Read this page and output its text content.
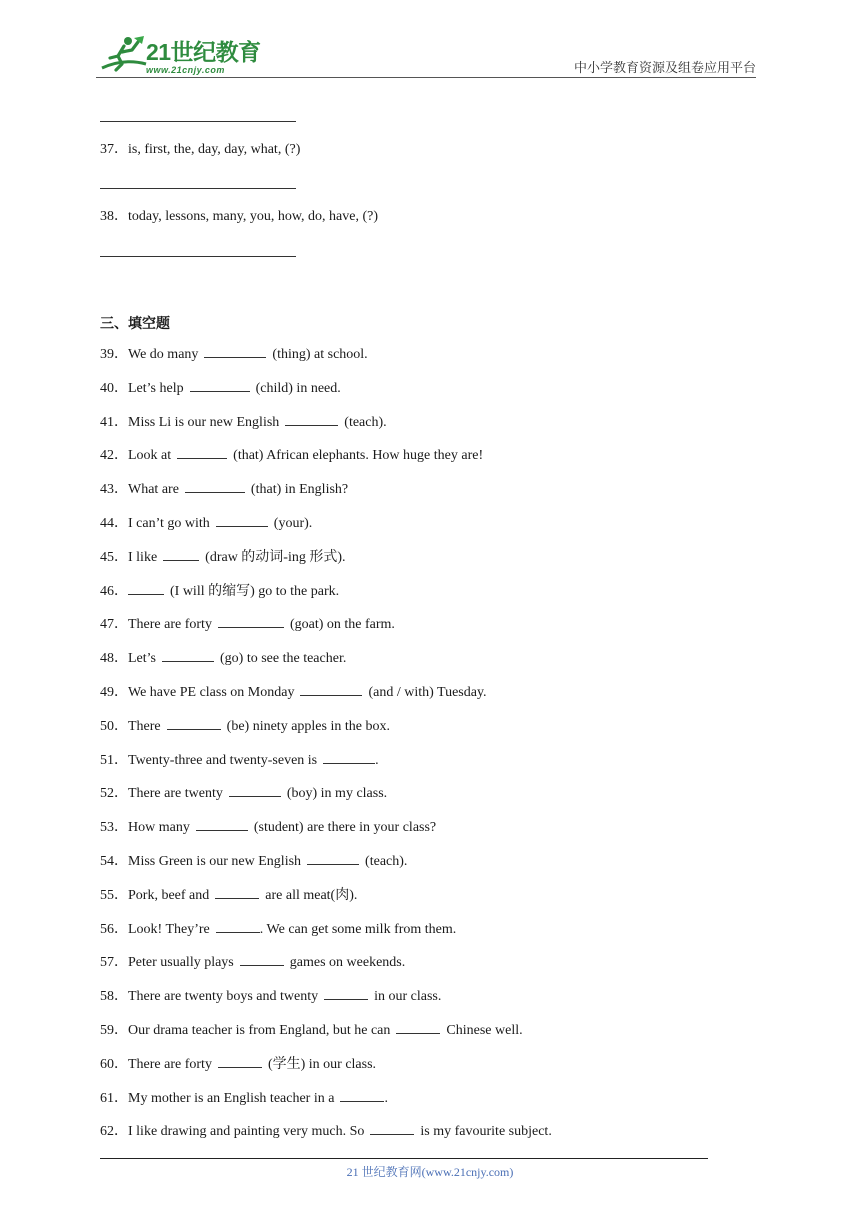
21世纪教育
www.21cnjy.com	中小学教育资源及组卷应用平台
37．is, first, the, day, day, what, (?)
38．today, lessons, many, you, how, do, have, (?)
三、填空题
39．We do many	(thing) at school.
40．Let’s help	(child) in need.
41．Miss Li is our new English	(teach).
42．Look at	(that) African elephants. How huge they are!
43．What are	(that) in English?
44．I can’t go with	(your).
45．I like	(draw 的动词-ing 形式).
46．	(I will 的缩写) go to the park.
47．There are forty	(goat) on the farm.
48．Let’s	(go) to see the teacher.
49．We have PE class on Monday	(and / with) Tuesday.
50．There	(be) ninety apples in the box.
51．Twenty-three and twenty-seven is	.
52．There are twenty	(boy) in my class.
53．How many	(student) are there in your class?
54．Miss Green is our new English	(teach).
55．Pork, beef and	are all meat(肉).
56．Look! They’re	. We can get some milk from them.
57．Peter usually plays	games on weekends.
58．There are twenty boys and twenty	in our class.
59．Our drama teacher is from England, but he can	Chinese well.
60．There are forty	(学生) in our class.
61．My mother is an English teacher in a	.
62．I like drawing and painting very much. So	is my favourite subject.
21 世纪教育网(www.21cnjy.com)
